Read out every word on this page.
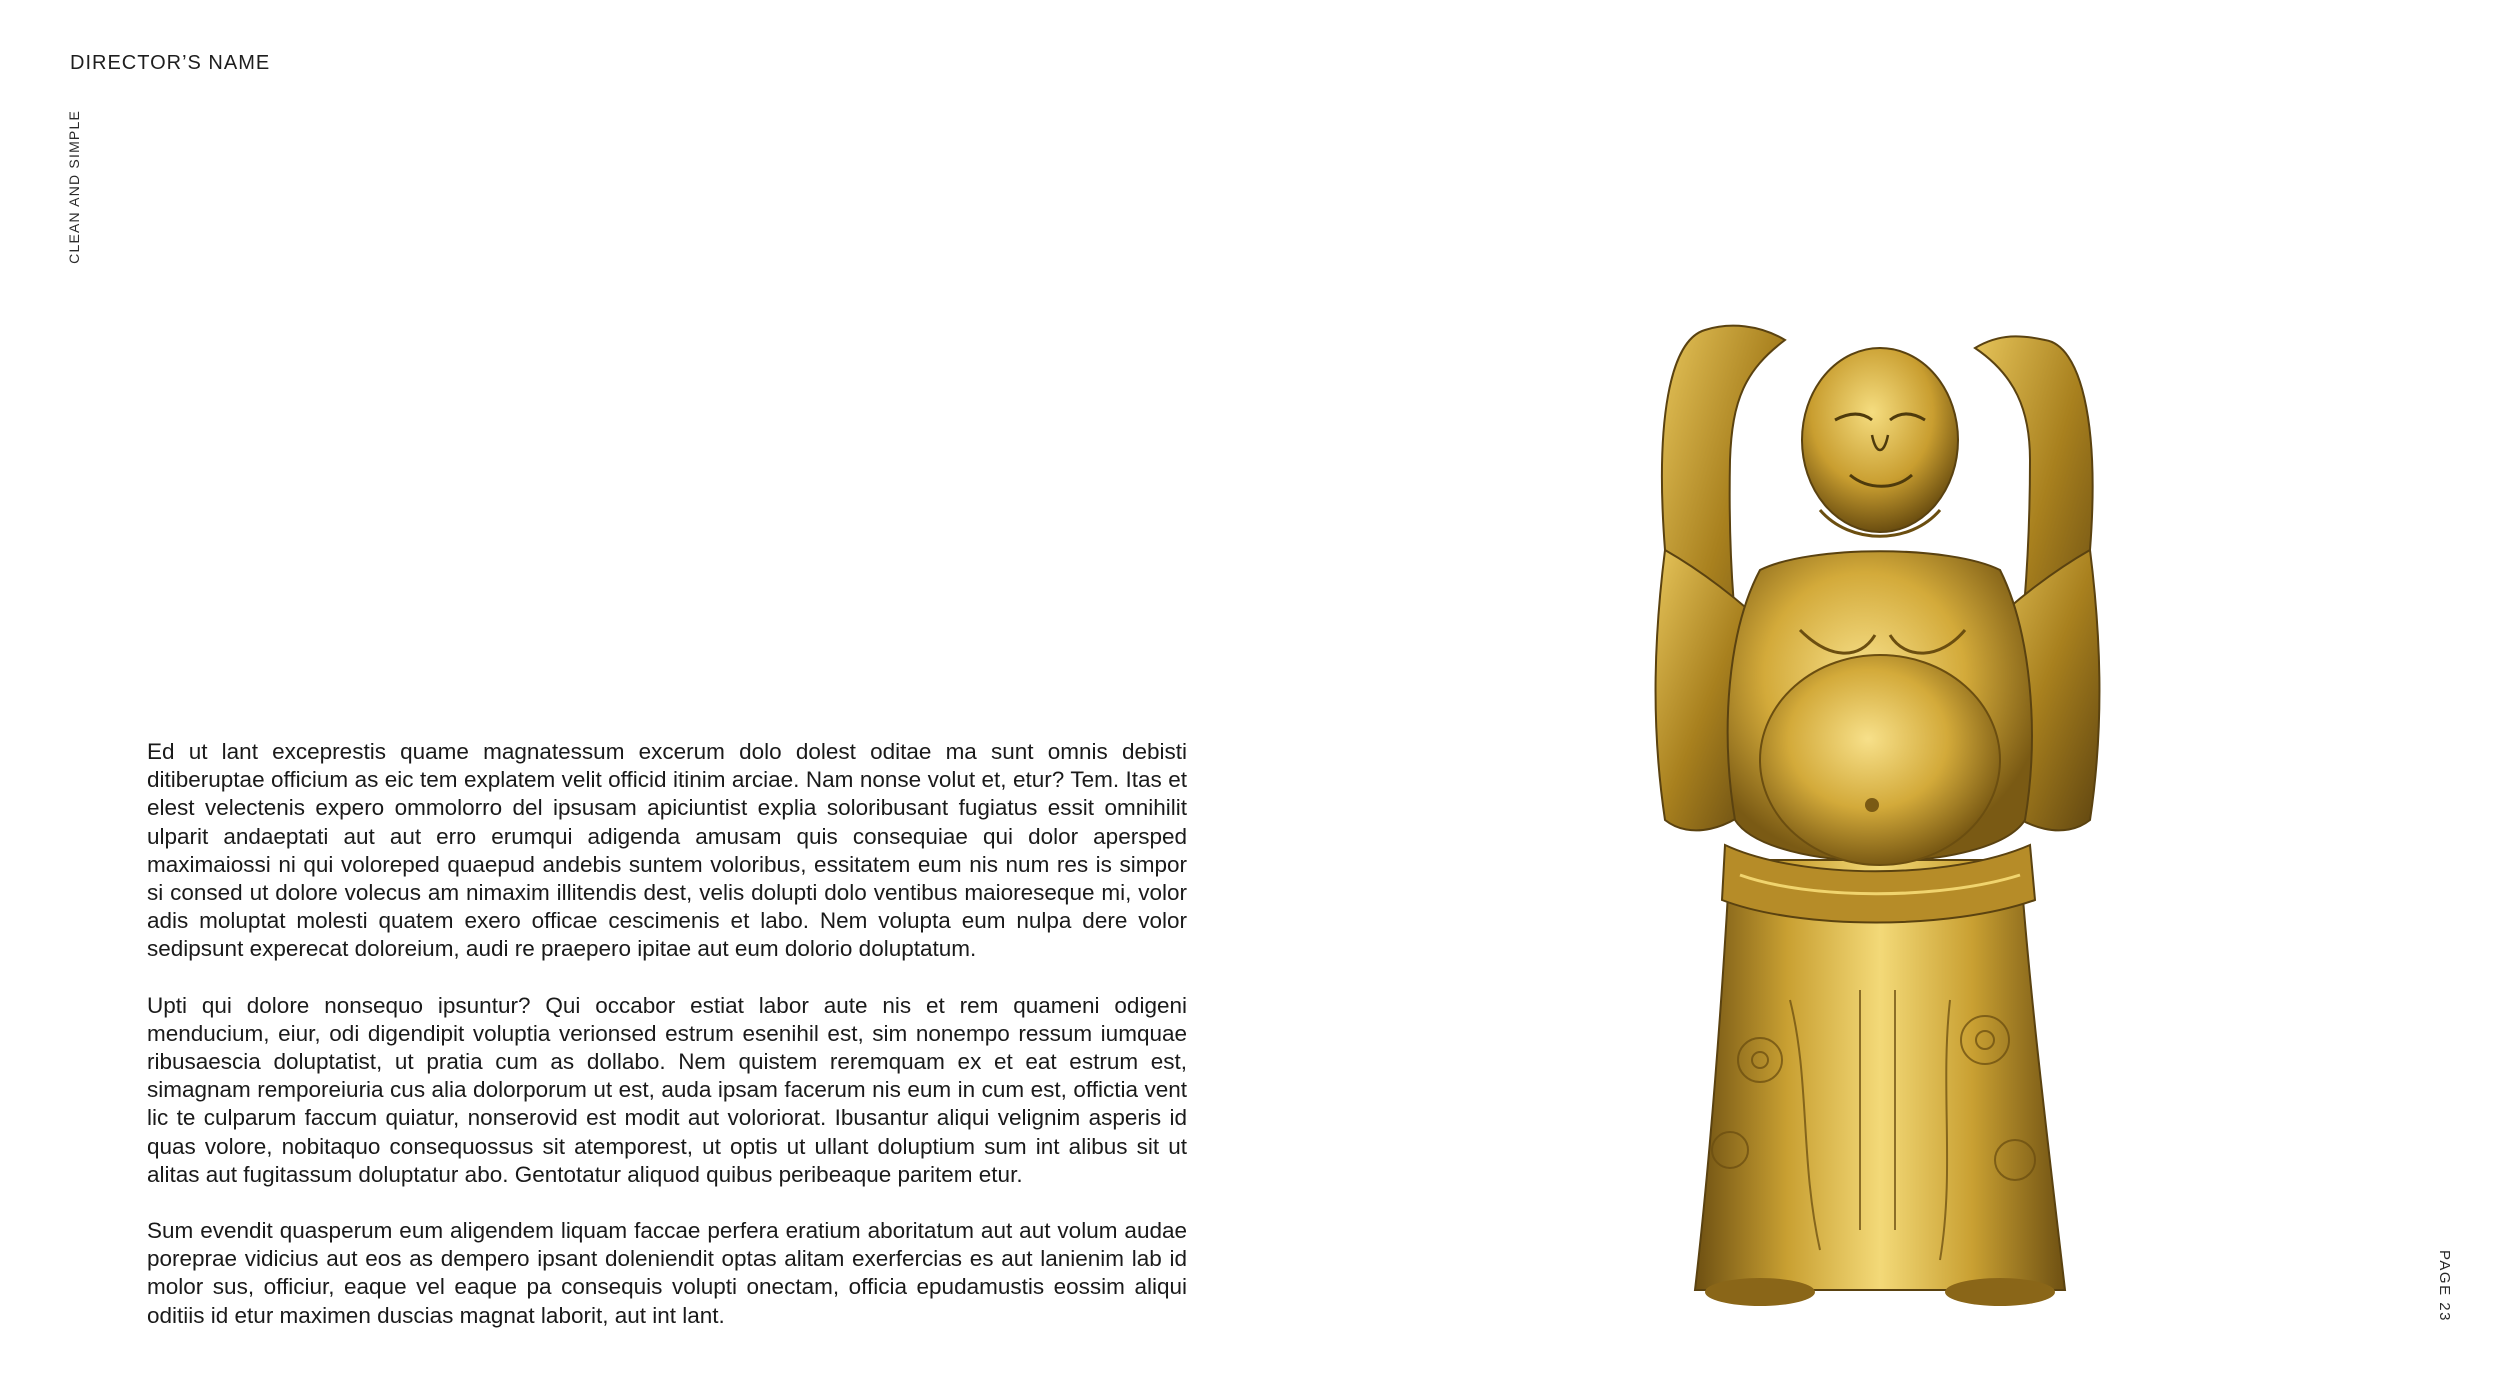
DIRECTOR’S NAME
CLEAN AND SIMPLE
PAGE 23

Ed ut lant exceprestis quame magnatessum excerum dolo dolest oditae ma sunt omnis debisti ditiberuptae officium as eic tem explatem velit officid itinim arciae. Nam nonse volut et, etur? Tem. Itas et elest velectenis expero ommolorro del ipsusam apiciuntist explia soloribusant fugiatus essit omnihilit ulparit andaeptati aut aut erro erumqui adigenda amusam quis consequiae qui dolor apersped maximaiossi ni qui voloreped quaepud andebis suntem voloribus, essitatem eum nis num res is simpor si consed ut dolore volecus am nimaxim illitendis dest, velis dolupti dolo ventibus maioreseque mi, volor adis moluptat molesti quatem exero officae cescimenis et labo. Nem volupta eum nulpa dere volor sedipsunt experecat doloreium, audi re praepero ipitae aut eum dolorio doluptatum.

Upti qui dolore nonsequo ipsuntur? Qui occabor estiat labor aute nis et rem quameni odigeni menducium, eiur, odi digendipit voluptia verionsed estrum esenihil est, sim nonempo ressum iumquae ribusaescia doluptatist, ut pratia cum as dollabo. Nem quistem reremquam ex et eat estrum est, simagnam remporeiuria cus alia dolorporum ut est, auda ipsam facerum nis eum in cum est, offictia vent lic te culparum faccum quiatur, nonserovid est modit aut voloriorat. Ibusantur aliqui velignim asperis id quas volore, nobitaquo consequossus sit atemporest, ut optis ut ullant doluptium sum int alibus sit ut alitas aut fugitassum doluptatur abo. Gentotatur aliquod quibus peribeaque paritem etur.

Sum evendit quasperum eum aligendem liquam faccae perfera eratium aboritatum aut aut volum audae poreprae vidicius aut eos as dempero ipsant doleniendit optas alitam exerfercias es aut lanienim lab id molor sus, officiur, eaque vel eaque pa consequis volupti onectam, officia epudamustis eossim aliqui oditiis id etur maximen duscias magnat laborit, aut int lant.
